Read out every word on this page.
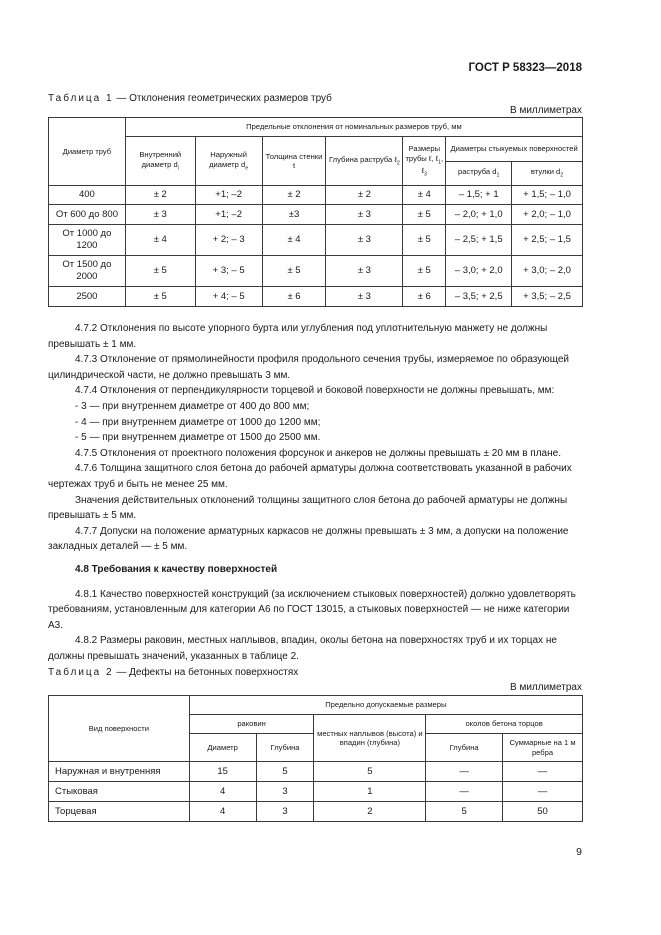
ГОСТ Р 58323—2018
Таблица 1 — Отклонения геометрических размеров труб
В миллиметрах
Диаметр труб	Предельные отклонения от номинальных размеров труб, мм						
	Внутренний диаметр $d_i$	Наружный диаметр $d_e$	Толщина стенки t	Глубина раструба ℓ$_2$	Размеры трубы ℓ, ℓ$_1$, ℓ$_3$	Диаметры стыкуемых поверхностей	
						раструба $d_1$	втулки $d_2$
400	± 2	+1; –2	± 2	± 2	± 4	– 1,5; + 1	+ 1,5; – 1,0
От 600 до 800	± 3	+1; –2	±3	± 3	± 5	– 2,0; + 1,0	+ 2,0; – 1,0
От 1000 до 1200	± 4	+ 2; – 3	± 4	± 3	± 5	– 2,5; + 1,5	+ 2,5; – 1,5
От 1500 до 2000	± 5	+ 3; – 5	± 5	± 3	± 5	– 3,0; + 2,0	+ 3,0; – 2,0
2500	± 5	+ 4; – 5	± 6	± 3	± 6	– 3,5; + 2,5	+ 3,5; – 2,5
4.7.2 Отклонения по высоте упорного бурта или углубления под уплотнительную манжету не должны превышать ± 1 мм.
4.7.3 Отклонение от прямолинейности профиля продольного сечения трубы, измеряемое по образующей цилиндрической части, не должно превышать 3 мм.
4.7.4 Отклонения от перпендикулярности торцевой и боковой поверхности не должны превышать, мм:
- 3 — при внутреннем диаметре от 400 до 800 мм;
- 4 — при внутреннем диаметре от 1000 до 1200 мм;
- 5 — при внутреннем диаметре от 1500 до 2500 мм.
4.7.5 Отклонения от проектного положения форсунок и анкеров не должны превышать ± 20 мм в плане.
4.7.6 Толщина защитного слоя бетона до рабочей арматуры должна соответствовать указанной в рабочих чертежах труб и быть не менее 25 мм.
Значения действительных отклонений толщины защитного слоя бетона до рабочей арматуры не должны превышать ± 5 мм.
4.7.7 Допуски на положение арматурных каркасов не должны превышать ± 3 мм, а допуски на положение закладных деталей — ± 5 мм.
4.8 Требования к качеству поверхностей
4.8.1 Качество поверхностей конструкций (за исключением стыковых поверхностей) должно удовлетворять требованиям, установленным для категории А6 по ГОСТ 13015, а стыковых поверхностей — не ниже категории А3.
4.8.2 Размеры раковин, местных наплывов, впадин, околы бетона на поверхностях труб и их торцах не должны превышать значений, указанных в таблице 2.
Таблица 2 — Дефекты на бетонных поверхностях
В миллиметрах
Вид поверхности	Предельно допускаемые размеры				
	раковин		местных наплывов (высота) и впадин (глубина)	околов бетона торцов	
	Диаметр	Глубина		Глубина	Суммарные на 1 м ребра
Наружная и внутренняя	15	5	5	—	—
Стыковая	4	3	1	—	—
Торцевая	4	3	2	5	50
9
